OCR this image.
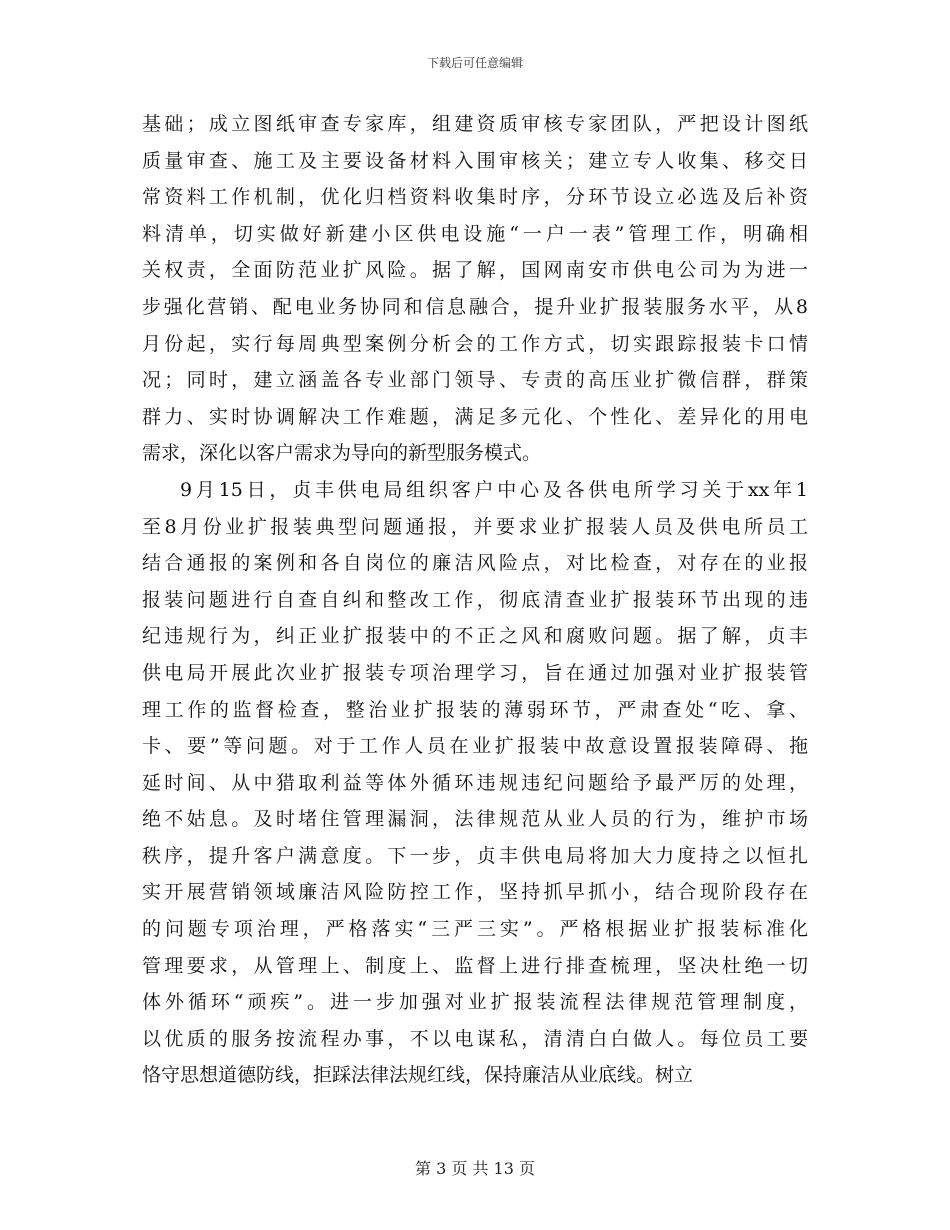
下载后可任意编辑
基础；成立图纸审查专家库，组建资质审核专家团队，严把设计图纸
质量审查、施工及主要设备材料入围审核关；建立专人收集、移交日
常资料工作机制，优化归档资料收集时序，分环节设立必选及后补资
料清单，切实做好新建小区供电设施“一户一表”管理工作，明确相
关权责，全面防范业扩风险。据了解，国网南安市供电公司为为进一
步强化营销、配电业务协同和信息融合，提升业扩报装服务水平，从8
月份起，实行每周典型案例分析会的工作方式，切实跟踪报装卡口情
况；同时，建立涵盖各专业部门领导、专责的高压业扩微信群，群策
群力、实时协调解决工作难题，满足多元化、个性化、差异化的用电
需求，深化以客户需求为导向的新型服务模式。
9月15日，贞丰供电局组织客户中心及各供电所学习关于xx年1
至8月份业扩报装典型问题通报，并要求业扩报装人员及供电所员工
结合通报的案例和各自岗位的廉洁风险点，对比检查，对存在的业报
报装问题进行自查自纠和整改工作，彻底清查业扩报装环节出现的违
纪违规行为，纠正业扩报装中的不正之风和腐败问题。据了解，贞丰
供电局开展此次业扩报装专项治理学习，旨在通过加强对业扩报装管
理工作的监督检查，整治业扩报装的薄弱环节，严肃查处“吃、拿、
卡、要”等问题。对于工作人员在业扩报装中故意设置报装障碍、拖
延时间、从中猎取利益等体外循环违规违纪问题给予最严厉的处理，
绝不姑息。及时堵住管理漏洞，法律规范从业人员的行为，维护市场
秩序，提升客户满意度。下一步，贞丰供电局将加大力度持之以恒扎
实开展营销领域廉洁风险防控工作，坚持抓早抓小，结合现阶段存在
的问题专项治理，严格落实“三严三实”。严格根据业扩报装标准化
管理要求，从管理上、制度上、监督上进行排查梳理，坚决杜绝一切
体外循环“顽疾”。进一步加强对业扩报装流程法律规范管理制度，
以优质的服务按流程办事，不以电谋私，清清白白做人。每位员工要
恪守思想道德防线，拒踩法律法规红线，保持廉洁从业底线。树立
第 3 页 共 13 页
